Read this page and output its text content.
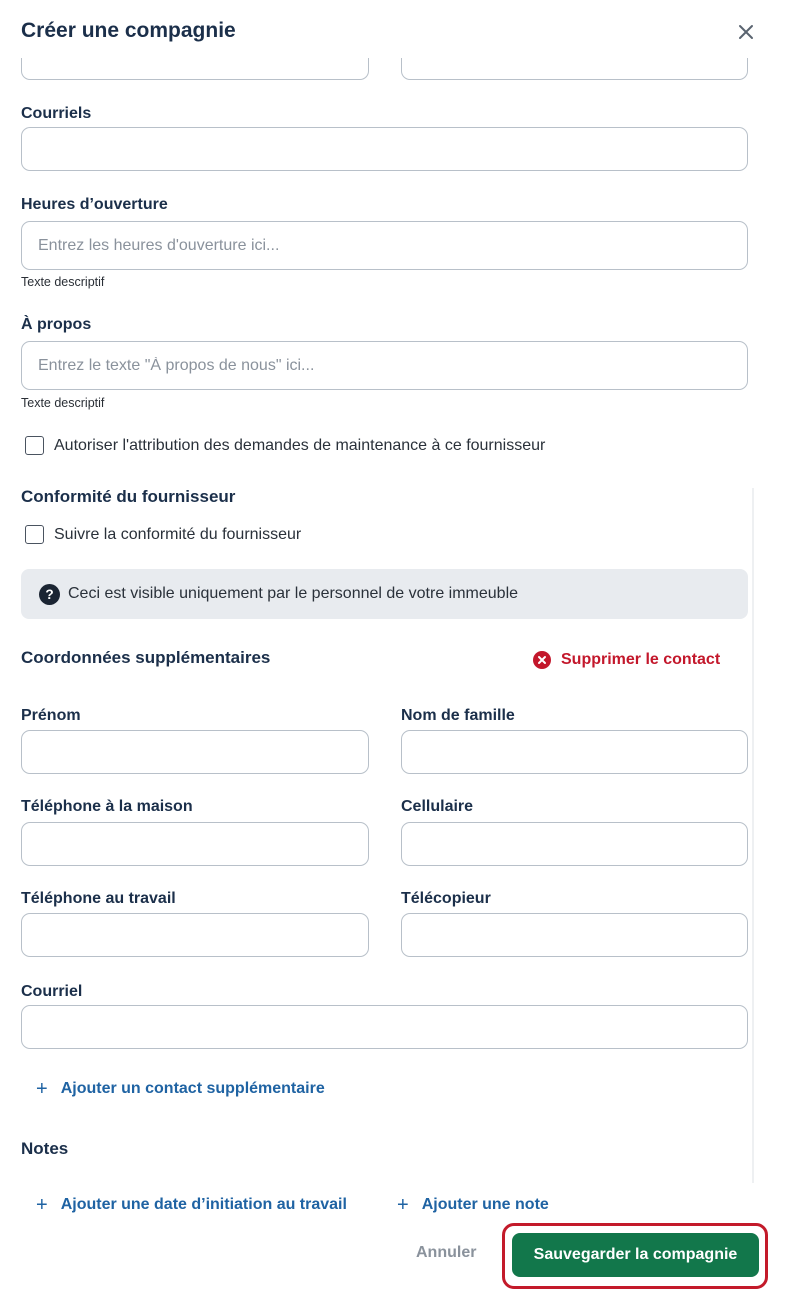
Créer une compagnie
Courriels
Heures d’ouverture
Entrez les heures d'ouverture ici...
Texte descriptif
À propos
Entrez le texte "À propos de nous" ici...
Texte descriptif
Autoriser l'attribution des demandes de maintenance à ce fournisseur
Conformité du fournisseur
Suivre la conformité du fournisseur
? Ceci est visible uniquement par le personnel de votre immeuble
Coordonnées supplémentaires	Supprimer le contact
Prénom	Nom de famille
Téléphone à la maison	Cellulaire
Téléphone au travail	Télécopieur
Courriel
+ Ajouter un contact supplémentaire
Notes
+ Ajouter une date d’initiation au travail	+ Ajouter une note
Annuler	Sauvegarder la compagnie
